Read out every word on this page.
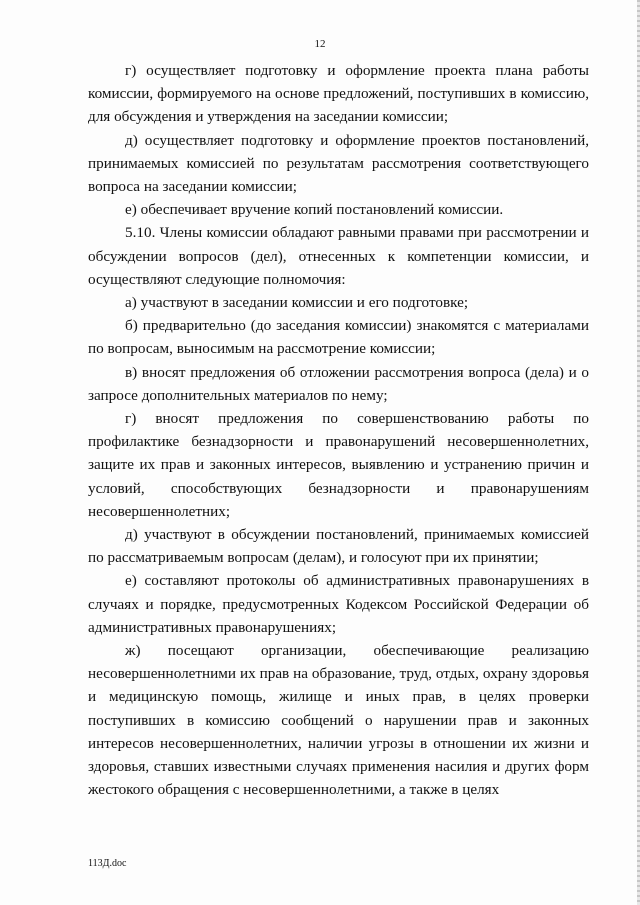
12

г) осуществляет подготовку и оформление проекта плана работы комиссии, формируемого на основе предложений, поступивших в комиссию, для обсуждения и утверждения на заседании комиссии;

д) осуществляет подготовку и оформление проектов постановлений, принимаемых комиссией по результатам рассмотрения соответствующего вопроса на заседании комиссии;

е) обеспечивает вручение копий постановлений комиссии.

5.10. Члены комиссии обладают равными правами при рассмотрении и обсуждении вопросов (дел), отнесенных к компетенции комиссии, и осуществляют следующие полномочия:

а) участвуют в заседании комиссии и его подготовке;

б) предварительно (до заседания комиссии) знакомятся с материалами по вопросам, выносимым на рассмотрение комиссии;

в) вносят предложения об отложении рассмотрения вопроса (дела) и о запросе дополнительных материалов по нему;

г) вносят предложения по совершенствованию работы по профилактике безнадзорности и правонарушений несовершеннолетних, защите их прав и законных интересов, выявлению и устранению причин и условий, способствующих безнадзорности и правонарушениям несовершеннолетних;

д) участвуют в обсуждении постановлений, принимаемых комиссией по рассматриваемым вопросам (делам), и голосуют при их принятии;

е) составляют протоколы об административных правонарушениях в случаях и порядке, предусмотренных Кодексом Российской Федерации об административных правонарушениях;

ж) посещают организации, обеспечивающие реализацию несовершеннолетними их прав на образование, труд, отдых, охрану здоровья и медицинскую помощь, жилище и иных прав, в целях проверки поступивших в комиссию сообщений о нарушении прав и законных интересов несовершеннолетних, наличии угрозы в отношении их жизни и здоровья, ставших известными случаях применения насилия и других форм жестокого обращения с несовершеннолетними, а также в целях

113Д.doc
